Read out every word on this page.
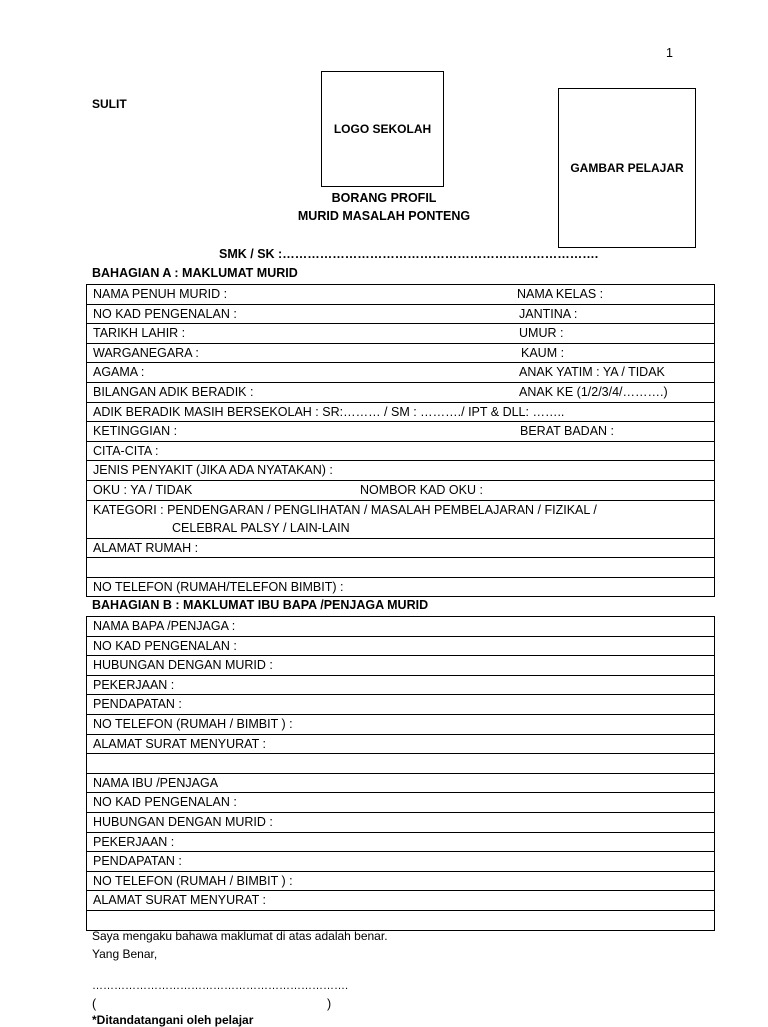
1
SULIT
LOGO SEKOLAH
GAMBAR PELAJAR
BORANG PROFIL
MURID MASALAH PONTENG
SMK / SK :………………………………………………………………….
BAHAGIAN A : MAKLUMAT MURID
NAMA PENUH MURID :	NAMA KELAS :

NO KAD PENGENALAN :	JANTINA :

TARIKH LAHIR :	UMUR :

WARGANEGARA :	KAUM :

AGAMA :	ANAK YATIM : YA / TIDAK

BILANGAN ADIK BERADIK :	ANAK KE (1/2/3/4/……….)

ADIK BERADIK MASIH BERSEKOLAH : SR:……… / SM : ………./ IPT & DLL: ……..
KETINGGIAN :	BERAT BADAN :

CITA-CITA :
JENIS PENYAKIT (JIKA ADA NYATAKAN) :
OKU : YA / TIDAK	NOMBOR KAD OKU :

KATEGORI : PENDENGARAN / PENGLIHATAN / MASALAH PEMBELAJARAN / FIZIKAL /
CELEBRAL PALSY / LAIN-LAIN

ALAMAT RUMAH :

NO TELEFON (RUMAH/TELEFON BIMBIT) :
BAHAGIAN B : MAKLUMAT IBU BAPA /PENJAGA MURID
NAMA BAPA /PENJAGA :
NO KAD PENGENALAN :
HUBUNGAN DENGAN MURID :
PEKERJAAN :
PENDAPATAN :
NO TELEFON (RUMAH / BIMBIT ) :
ALAMAT SURAT MENYURAT :

NAMA IBU /PENJAGA
NO KAD PENGENALAN :
HUBUNGAN DENGAN MURID :
PEKERJAAN :
PENDAPATAN :
NO TELEFON (RUMAH / BIMBIT ) :
ALAMAT SURAT MENYURAT :

Saya mengaku bahawa maklumat di atas adalah benar.
Yang Benar,
…………………………………………………………….
(	)
*Ditandatangani oleh pelajar
